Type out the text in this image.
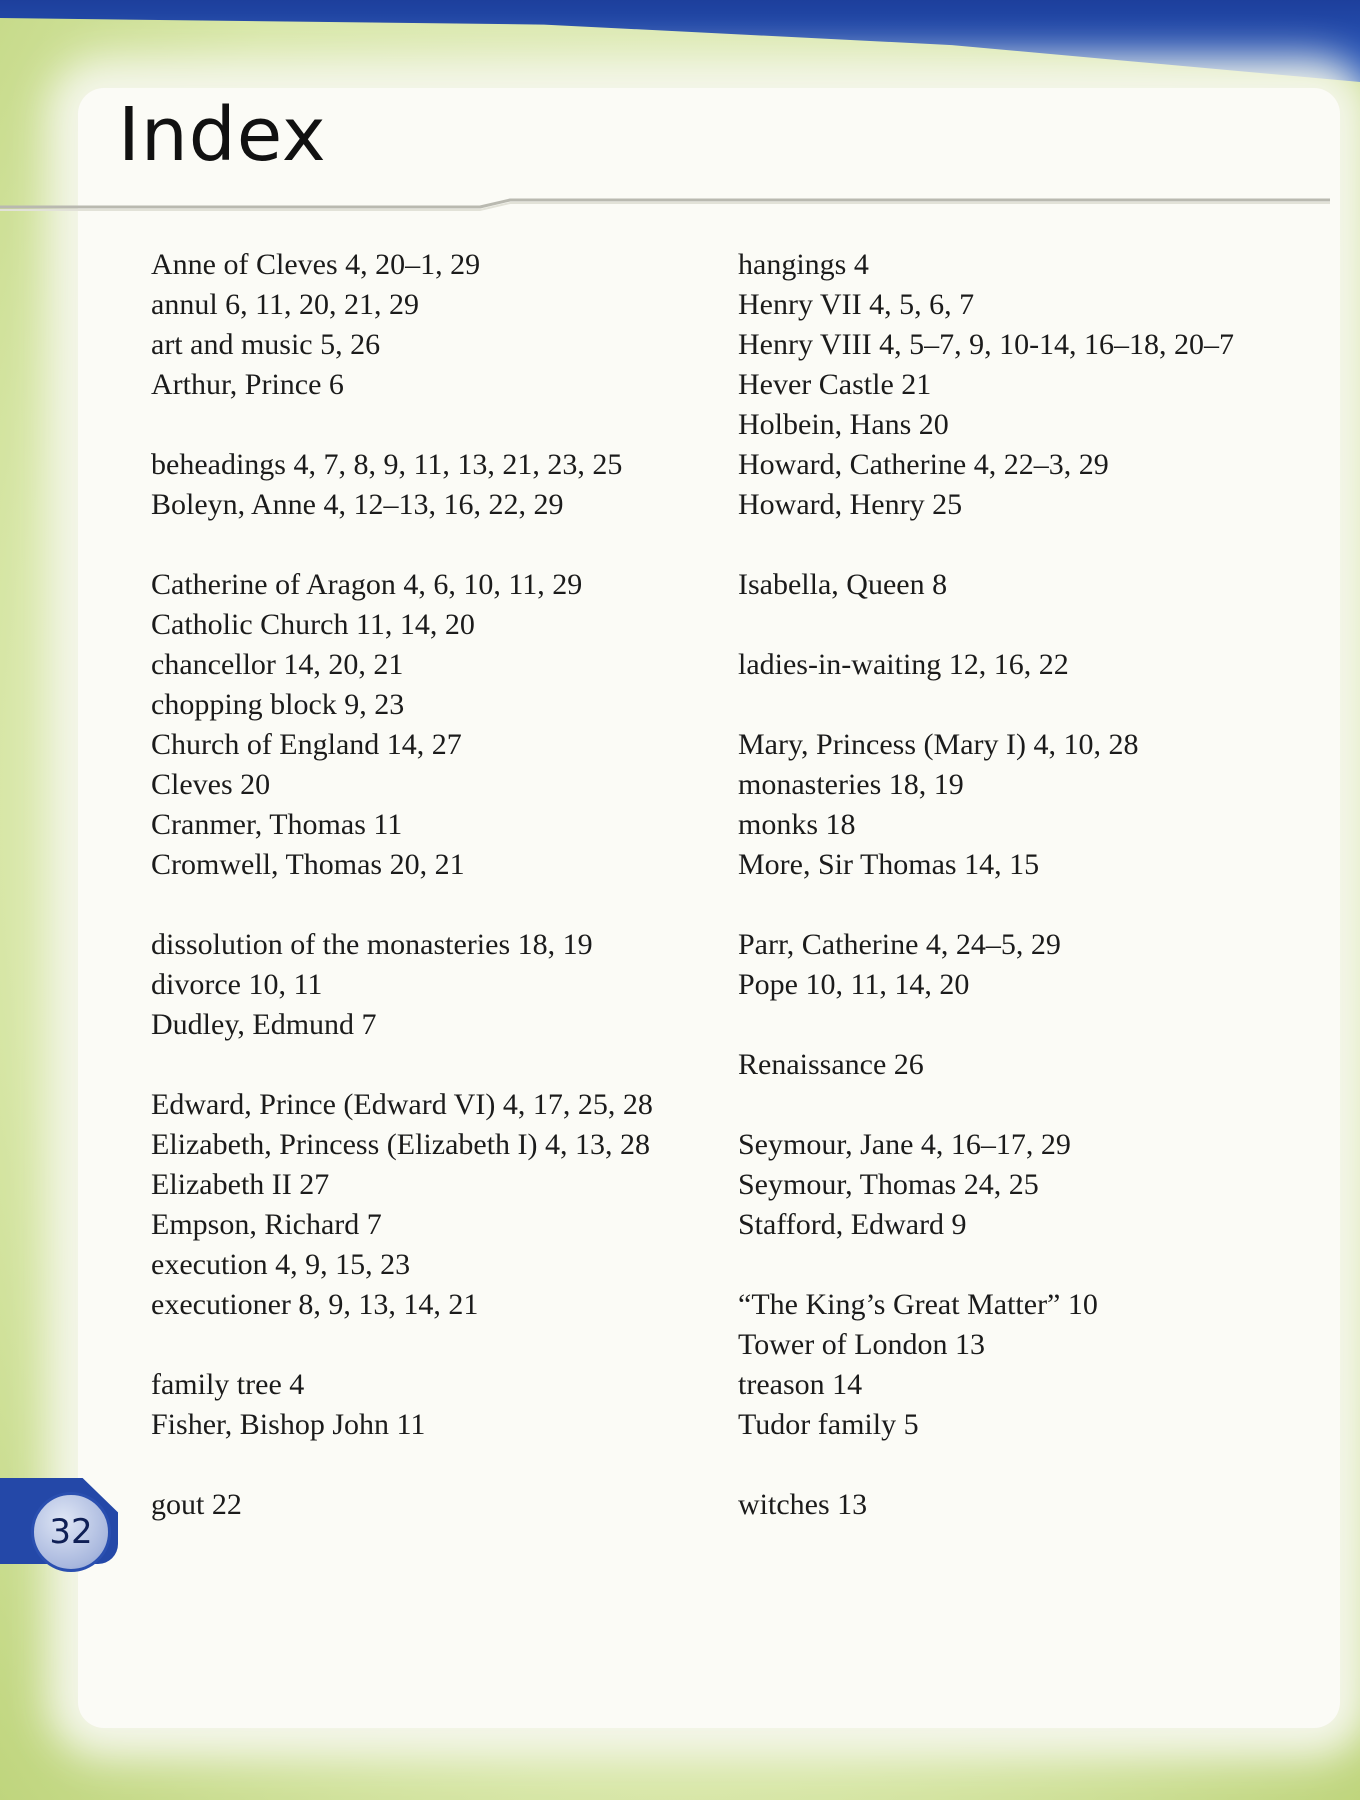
Index
Anne of Cleves 4, 20–1, 29
annul 6, 11, 20, 21, 29
art and music 5, 26
Arthur, Prince 6
beheadings 4, 7, 8, 9, 11, 13, 21, 23, 25
Boleyn, Anne 4, 12–13, 16, 22, 29
Catherine of Aragon 4, 6, 10, 11, 29
Catholic Church 11, 14, 20
chancellor 14, 20, 21
chopping block 9, 23
Church of England 14, 27
Cleves 20
Cranmer, Thomas 11
Cromwell, Thomas 20, 21
dissolution of the monasteries 18, 19
divorce 10, 11
Dudley, Edmund 7
Edward, Prince (Edward VI) 4, 17, 25, 28
Elizabeth, Princess (Elizabeth I) 4, 13, 28
Elizabeth II 27
Empson, Richard 7
execution 4, 9, 15, 23
executioner 8, 9, 13, 14, 21
family tree 4
Fisher, Bishop John 11
gout 22
hangings 4
Henry VII 4, 5, 6, 7
Henry VIII 4, 5–7, 9, 10-14, 16–18, 20–7
Hever Castle 21
Holbein, Hans 20
Howard, Catherine 4, 22–3, 29
Howard, Henry 25
Isabella, Queen 8
ladies-in-waiting 12, 16, 22
Mary, Princess (Mary I) 4, 10, 28
monasteries 18, 19
monks 18
More, Sir Thomas 14, 15
Parr, Catherine 4, 24–5, 29
Pope 10, 11, 14, 20
Renaissance 26
Seymour, Jane 4, 16–17, 29
Seymour, Thomas 24, 25
Stafford, Edward 9
“The King’s Great Matter” 10
Tower of London 13
treason 14
Tudor family 5
witches 13
32
